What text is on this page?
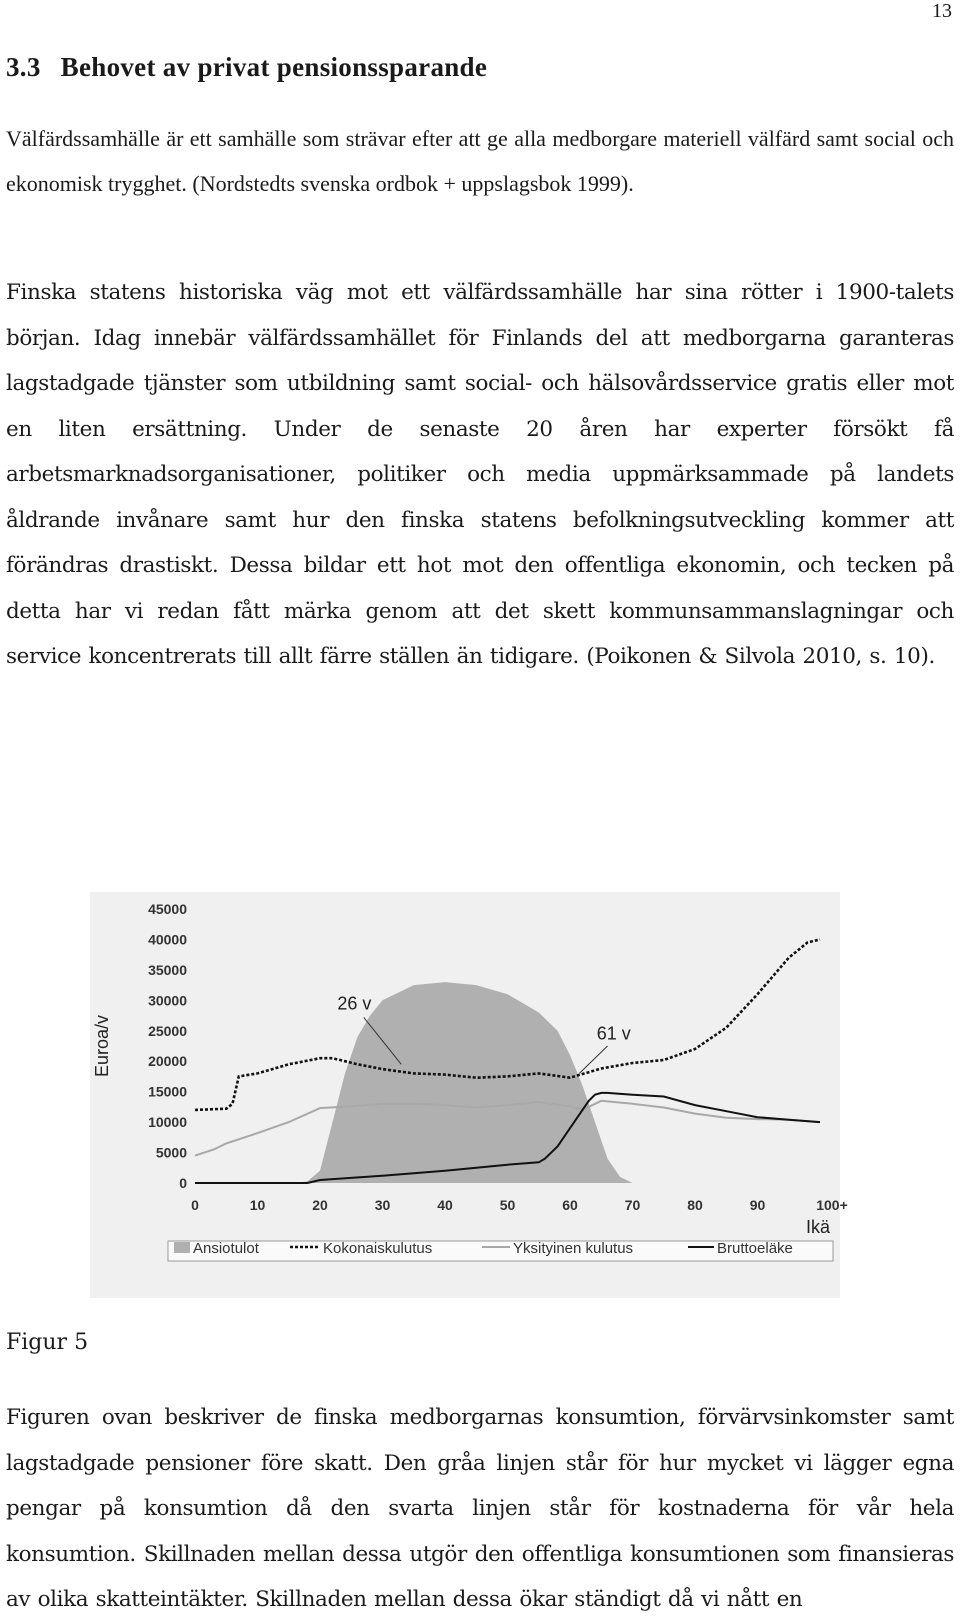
13
3.3 Behovet av privat pensionssparande

Välfärdssamhälle är ett samhälle som strävar efter att ge alla medborgare materiell välfärd samt social och ekonomisk trygghet. (Nordstedts svenska ordbok + uppslagsbok 1999).

Finska statens historiska väg mot ett välfärdssamhälle har sina rötter i 1900-talets början. Idag innebär välfärdssamhället för Finlands del att medborgarna garanteras lagstadgade tjänster som utbildning samt social- och hälsovårdsservice gratis eller mot en liten ersättning. Under de senaste 20 åren har experter försökt få arbetsmarknadsorganisationer, politiker och media uppmärksammade på landets åldrande invånare samt hur den finska statens befolkningsutveckling kommer att förändras drastiskt. Dessa bildar ett hot mot den offentliga ekonomin, och tecken på detta har vi redan fått märka genom att det skett kommunsammanslagningar och service koncentrerats till allt färre ställen än tidigare. (Poikonen & Silvola 2010, s. 10).

0
5000
10000
15000
20000
25000
30000
35000
40000
45000
0	10	20	30	40	50	60	70	80	90	100+
Euroa/v
Ikä
26 v
61 v
Ansiotulot	Kokonaiskulutus	Yksityinen kulutus	Bruttoeläke

Figur 5

Figuren ovan beskriver de finska medborgarnas konsumtion, förvärvsinkomster samt lagstadgade pensioner före skatt. Den gråa linjen står för hur mycket vi lägger egna pengar på konsumtion då den svarta linjen står för kostnaderna för vår hela konsumtion. Skillnaden mellan dessa utgör den offentliga konsumtionen som finansieras av olika skatteintäkter. Skillnaden mellan dessa ökar ständigt då vi nått en
